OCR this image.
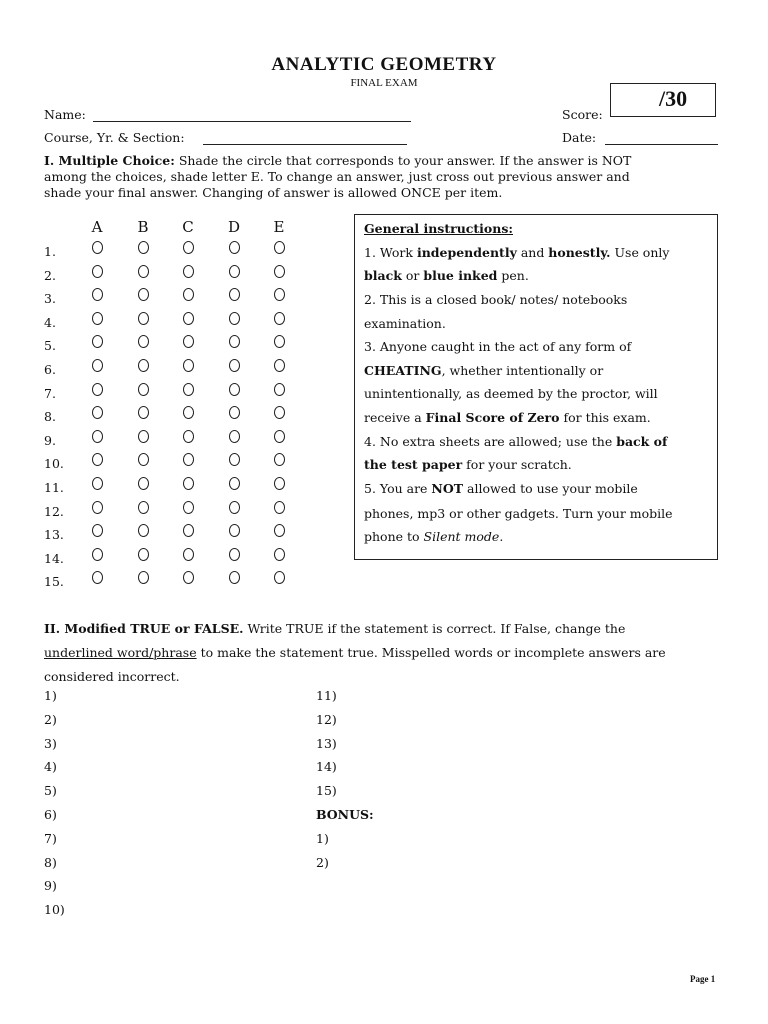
ANALYTIC GEOMETRY
FINAL EXAM
Score:
/30
Name:
Course, Yr. & Section:	Date:
I. Multiple Choice: Shade the circle that corresponds to your answer. If the answer is NOT
among the choices, shade letter E. To change an answer, just cross out previous answer and
shade your final answer. Changing of answer is allowed ONCE per item.
A	B	C	D	E
1.
2.
3.
4.
5.
6.
7.
8.
9.
10.
11.
12.
13.
14.
15.
General instructions:
1. Work independently and honestly. Use only
black or blue inked pen.
2. This is a closed book/ notes/ notebooks
examination.
3. Anyone caught in the act of any form of
CHEATING, whether intentionally or
unintentionally, as deemed by the proctor, will
receive a Final Score of Zero for this exam.
4. No extra sheets are allowed; use the back of
the test paper for your scratch.
5. You are NOT allowed to use your mobile
phones, mp3 or other gadgets. Turn your mobile
phone to Silent mode.
II. Modified TRUE or FALSE. Write TRUE if the statement is correct. If False, change the
underlined word/phrase to make the statement true. Misspelled words or incomplete answers are
considered incorrect.
1)
2)
3)
4)
5)
6)
7)
8)
9)
10)
11)
12)
13)
14)
15)
BONUS:
1)
2)
Page 1
